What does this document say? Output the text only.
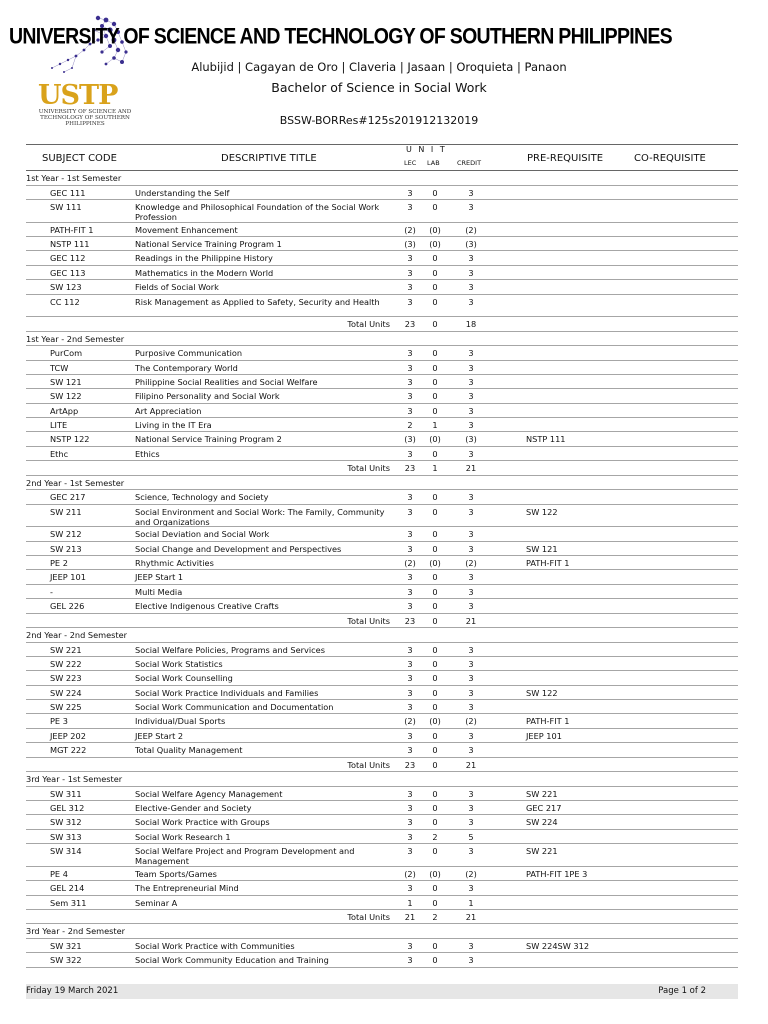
USTP
UNIVERSITY OF SCIENCE AND TECHNOLOGY OF SOUTHERN PHILIPPINES
UNIVERSITY OF SCIENCE AND TECHNOLOGY OF SOUTHERN PHILIPPINES
Alubijid | Cagayan de Oro | Claveria | Jasaan | Oroquieta | Panaon
Bachelor of Science in Social Work
BSSW-BORRes#125s201912132019
SUBJECT CODE	DESCRIPTIVE TITLE
U N I T
LEC LAB	CREDIT	PRE-REQUISITE	CO-REQUISITE
1st Year - 1st Semester
GEC 111	Understanding the Self	3	0	3
SW 111	Knowledge and Philosophical Foundation of the Social Work Profession
3	0	3
PATH-FIT 1	Movement Enhancement	(2)	(0)	(2)
NSTP 111	National Service Training Program 1	(3)	(0)	(3)
GEC 112	Readings in the Philippine History	3	0	3
GEC 113	Mathematics in the Modern World	3	0	3
SW 123	Fields of Social Work	3	0	3
CC 112	Risk Management as Applied to Safety, Security and Health	3	0	3
Total Units	23	0	18
1st Year - 2nd Semester
PurCom	Purposive Communication	3	0	3
TCW	The Contemporary World	3	0	3
SW 121	Philippine Social Realities and Social Welfare	3	0	3
SW 122	Filipino Personality and Social Work	3	0	3
ArtApp	Art Appreciation	3	0	3
LITE	Living in the IT Era	2	1	3
NSTP 122	National Service Training Program 2	(3)	(0)	(3)	NSTP 111
Ethc	Ethics	3	0	3
Total Units	23	1	21
2nd Year - 1st Semester
GEC 217	Science, Technology and Society	3	0	3
SW 211	Social Environment and Social Work: The Family, Community and Organizations
3	0	3	SW 122
SW 212	Social Deviation and Social Work	3	0	3
SW 213	Social Change and Development and Perspectives	3	0	3	SW 121
PE 2	Rhythmic Activities	(2)	(0)	(2)	PATH-FIT 1
JEEP 101	JEEP Start 1	3	0	3
-	Multi Media	3	0	3
GEL 226	Elective Indigenous Creative Crafts	3	0	3
Total Units	23	0	21
2nd Year - 2nd Semester
SW 221	Social Welfare Policies, Programs and Services	3	0	3
SW 222	Social Work Statistics	3	0	3
SW 223	Social Work Counselling	3	0	3
SW 224	Social Work Practice Individuals and Families	3	0	3	SW 122
SW 225	Social Work Communication and Documentation	3	0	3
PE 3	Individual/Dual Sports	(2)	(0)	(2)	PATH-FIT 1
JEEP 202	JEEP Start 2	3	0	3	JEEP 101
MGT 222	Total Quality Management	3	0	3
Total Units	23	0	21
3rd Year - 1st Semester
SW 311	Social Welfare Agency Management	3	0	3	SW 221
GEL 312	Elective-Gender and Society	3	0	3	GEC 217
SW 312	Social Work Practice with Groups	3	0	3	SW 224
SW 313	Social Work Research 1	3	2	5
SW 314	Social Welfare Project and Program Development and Management
3	0	3	SW 221
PE 4	Team Sports/Games	(2)	(0)	(2)	PATH-FIT 1PE 3
GEL 214	The Entrepreneurial Mind	3	0	3
Sem 311	Seminar A	1	0	1
Total Units	21	2	21
3rd Year - 2nd Semester
SW 321	Social Work Practice with Communities	3	0	3	SW 224SW 312
SW 322	Social Work Community Education and Training	3	0	3
Friday 19 March 2021	Page 1 of 2
